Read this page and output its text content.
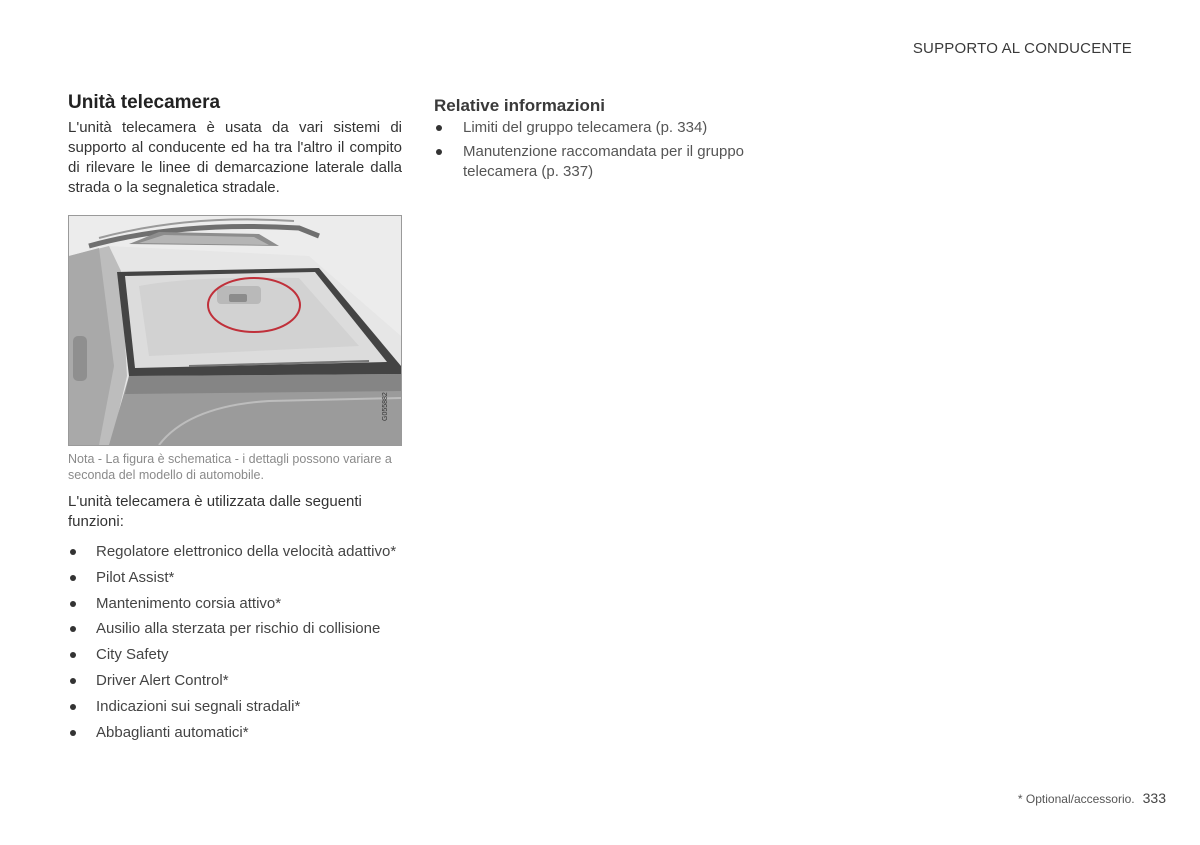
SUPPORTO AL CONDUCENTE
Unità telecamera

L'unità telecamera è usata da vari sistemi di supporto al conducente ed ha tra l'altro il compito di rilevare le linee di demarcazione laterale dalla strada o la segnaletica stradale.

G055882
Nota - La figura è schematica - i dettagli possono variare a seconda del modello di automobile.
L'unità telecamera è utilizzata dalle seguenti funzioni:
Regolatore elettronico della velocità adattivo*
Pilot Assist*
Mantenimento corsia attivo*
Ausilio alla sterzata per rischio di collisione
City Safety
Driver Alert Control*
Indicazioni sui segnali stradali*
Abbaglianti automatici*
Relative informazioni
Limiti del gruppo telecamera (p. 334)
Manutenzione raccomandata per il gruppo telecamera (p. 337)
* Optional/accessorio. 333
